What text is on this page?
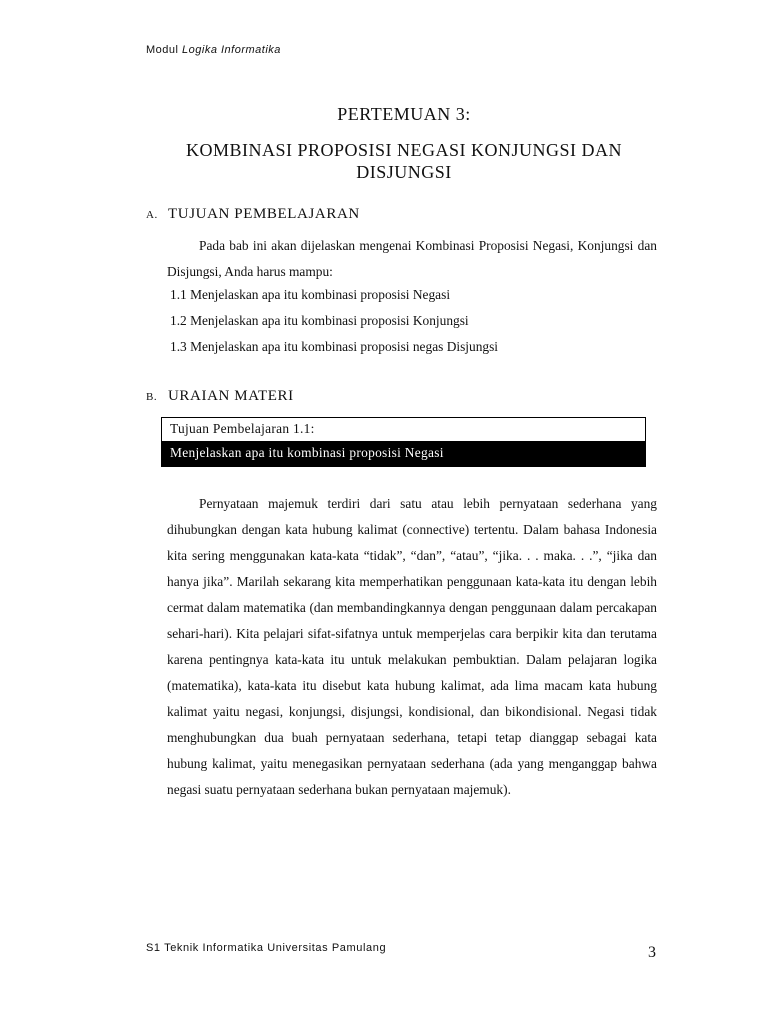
Modul Logika Informatika
PERTEMUAN 3:
KOMBINASI PROPOSISI NEGASI KONJUNGSI DAN DISJUNGSI
A. TUJUAN PEMBELAJARAN

Pada bab ini akan dijelaskan mengenai Kombinasi Proposisi Negasi, Konjungsi dan Disjungsi, Anda harus mampu:

1.1 Menjelaskan apa itu kombinasi proposisi Negasi
1.2 Menjelaskan apa itu kombinasi proposisi Konjungsi
1.3 Menjelaskan apa itu kombinasi proposisi negas Disjungsi
B. URAIAN MATERI
Tujuan Pembelajaran 1.1:
Menjelaskan apa itu kombinasi proposisi Negasi

Pernyataan majemuk terdiri dari satu atau lebih pernyataan sederhana yang dihubungkan dengan kata hubung kalimat (connective) tertentu. Dalam bahasa Indonesia kita sering menggunakan kata-kata “tidak”, “dan”, “atau”, “jika. . . maka. . .”, “jika dan hanya jika”. Marilah sekarang kita memperhatikan penggunaan kata-kata itu dengan lebih cermat dalam matematika (dan membandingkannya dengan penggunaan dalam percakapan sehari-hari). Kita pelajari sifat-sifatnya untuk memperjelas cara berpikir kita dan terutama karena pentingnya kata-kata itu untuk melakukan pembuktian. Dalam pelajaran logika (matematika), kata-kata itu disebut kata hubung kalimat, ada lima macam kata hubung kalimat yaitu negasi, konjungsi, disjungsi, kondisional, dan bikondisional. Negasi tidak menghubungkan dua buah pernyataan sederhana, tetapi tetap dianggap sebagai kata hubung kalimat, yaitu menegasikan pernyataan sederhana (ada yang menganggap bahwa negasi suatu pernyataan sederhana bukan pernyataan majemuk).

S1 Teknik Informatika Universitas Pamulang	3
